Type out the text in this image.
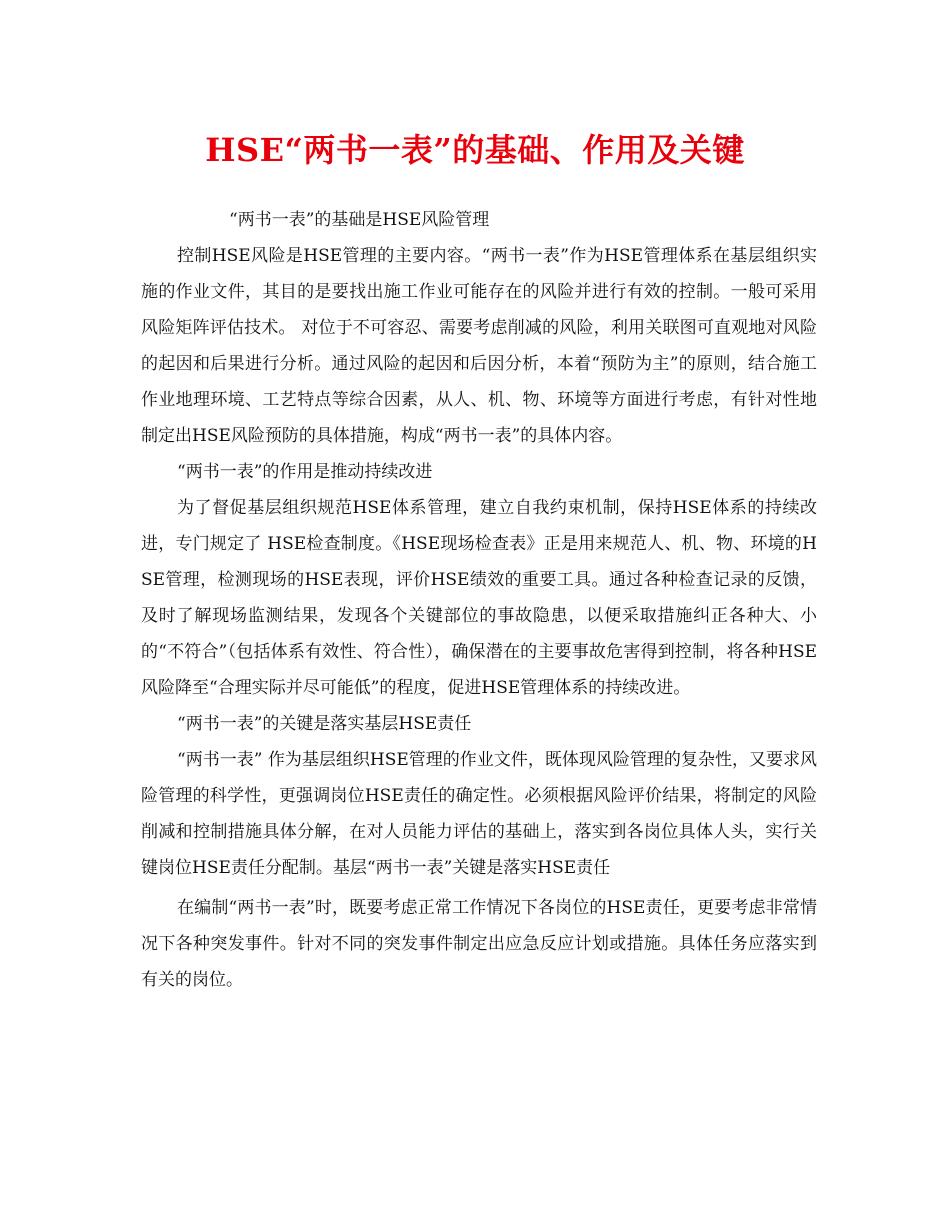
HSE“两书一表”的基础、作用及关键

“两书一表”的基础是HSE风险管理

控制HSE风险是HSE管理的主要内容。“两书一表”作为HSE管理体系在基层组织实施的作业文件，其目的是要找出施工作业可能存在的风险并进行有效的控制。一般可采用风险矩阵评估技术。 对位于不可容忍、需要考虑削减的风险，利用关联图可直观地对风险的起因和后果进行分析。通过风险的起因和后因分析，本着“预防为主”的原则，结合施工作业地理环境、工艺特点等综合因素，从人、机、物、环境等方面进行考虑，有针对性地制定出HSE风险预防的具体措施，构成“两书一表”的具体内容。

“两书一表”的作用是推动持续改进

为了督促基层组织规范HSE体系管理，建立自我约束机制，保持HSE体系的持续改进，专门规定了 HSE检查制度。《HSE现场检查表》正是用来规范人、机、物、环境的HSE管理，检测现场的HSE表现，评价HSE绩效的重要工具。通过各种检查记录的反馈，及时了解现场监测结果，发现各个关键部位的事故隐患，以便采取措施纠正各种大、小的“不符合”（包括体系有效性、符合性），确保潜在的主要事故危害得到控制，将各种HSE风险降至“合理实际并尽可能低”的程度，促进HSE管理体系的持续改进。

“两书一表”的关键是落实基层HSE责任

“两书一表” 作为基层组织HSE管理的作业文件，既体现风险管理的复杂性，又要求风险管理的科学性，更强调岗位HSE责任的确定性。必须根据风险评价结果，将制定的风险削减和控制措施具体分解，在对人员能力评估的基础上，落实到各岗位具体人头，实行关键岗位HSE责任分配制。基层“两书一表”关键是落实HSE责任

在编制“两书一表”时，既要考虑正常工作情况下各岗位的HSE责任，更要考虑非常情况下各种突发事件。针对不同的突发事件制定出应急反应计划或措施。具体任务应落实到有关的岗位。
